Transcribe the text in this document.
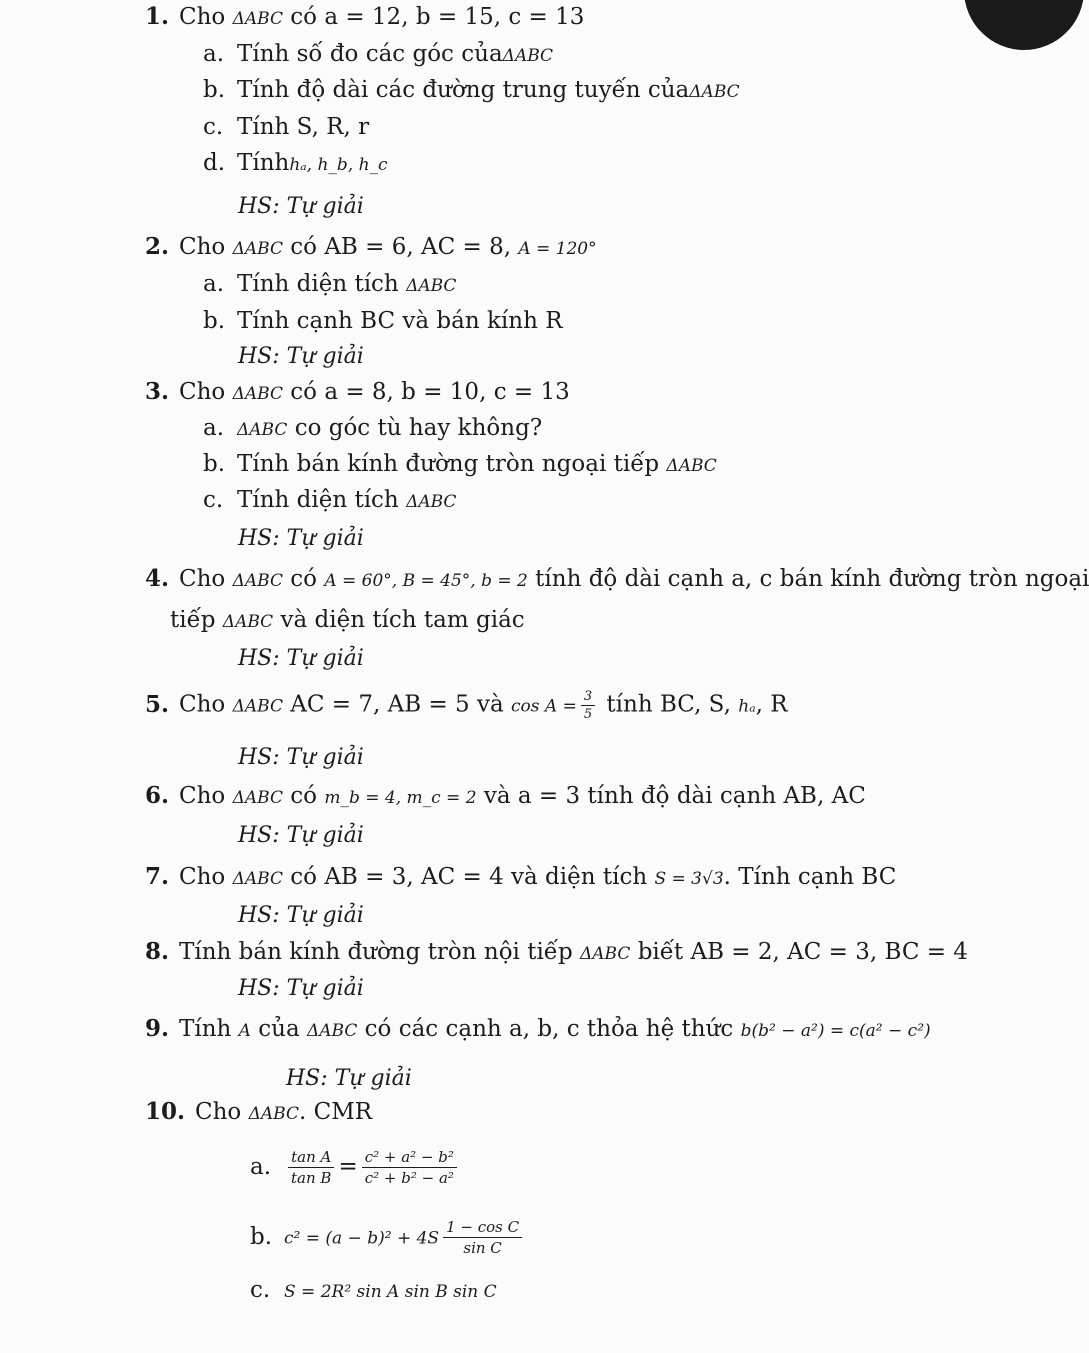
1. Cho ΔABC có a = 12, b = 15, c = 13
a. Tính số đo các góc củaΔABC
b. Tính độ dài các đường trung tuyến củaΔABC
c. Tính S, R, r
d. Tínhhₐ, h_b, h_c
HS: Tự giải
2. Cho ΔABC có AB = 6, AC = 8, A = 120°
a. Tính diện tích ΔABC
b. Tính cạnh BC và bán kính R
HS: Tự giải
3. Cho ΔABC có a = 8, b = 10, c = 13
a. ΔABC co góc tù hay không?
b. Tính bán kính đường tròn ngoại tiếp ΔABC
c. Tính diện tích ΔABC
HS: Tự giải
4. Cho ΔABC có A = 60°, B = 45°, b = 2 tính độ dài cạnh a, c bán kính đường tròn ngoại
tiếp ΔABC và diện tích tam giác
HS: Tự giải
5. Cho ΔABC AC = 7, AB = 5 và $\cos A = \frac{3}{5}$ tính BC, S, hₐ, R
HS: Tự giải
6. Cho ΔABC có m_b = 4, m_c = 2 và a = 3 tính độ dài cạnh AB, AC
HS: Tự giải
7. Cho ΔABC có AB = 3, AC = 4 và diện tích S = 3√3. Tính cạnh BC
HS: Tự giải
8. Tính bán kính đường tròn nội tiếp ΔABC biết AB = 2, AC = 3, BC = 4
HS: Tự giải
9. Tính A của ΔABC có các cạnh a, b, c thỏa hệ thức b(b² − a²) = c(a² − c²)
HS: Tự giải
10. Cho ΔABC. CMR
a. $\frac{\text{tan A}}{\text{tan B}} = \frac{\text{c² + a² − b²}}{\text{c² + b² − a²}}$
b. $c^2 = (a - b)^2 + 4S \frac{\text{1 − cos C}}{\text{sin C}}$
c. S = 2R² sin A sin B sin C
